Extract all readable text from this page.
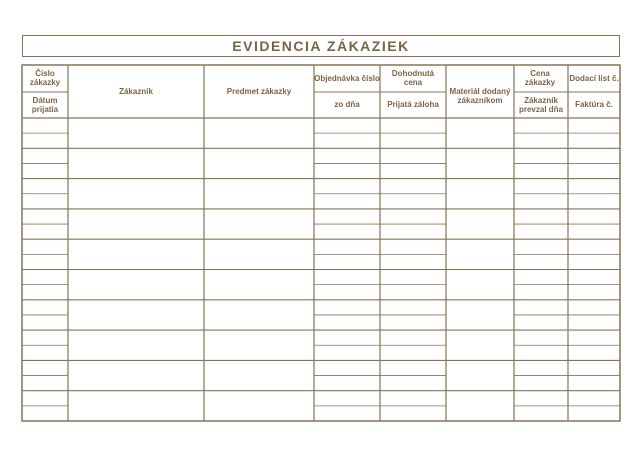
EVIDENCIA ZÁKAZIEK
Číslo zákazky
Dátum prijatia
Zákazník	Predmet zákazky
Objednávka číslo
zo dňa
Dohodnutá cena
Prijatá záloha
Materiál dodaný zákazníkom
Cena zákazky
Zákazník prevzal dňa
Dodací list č.
Faktúra č.
